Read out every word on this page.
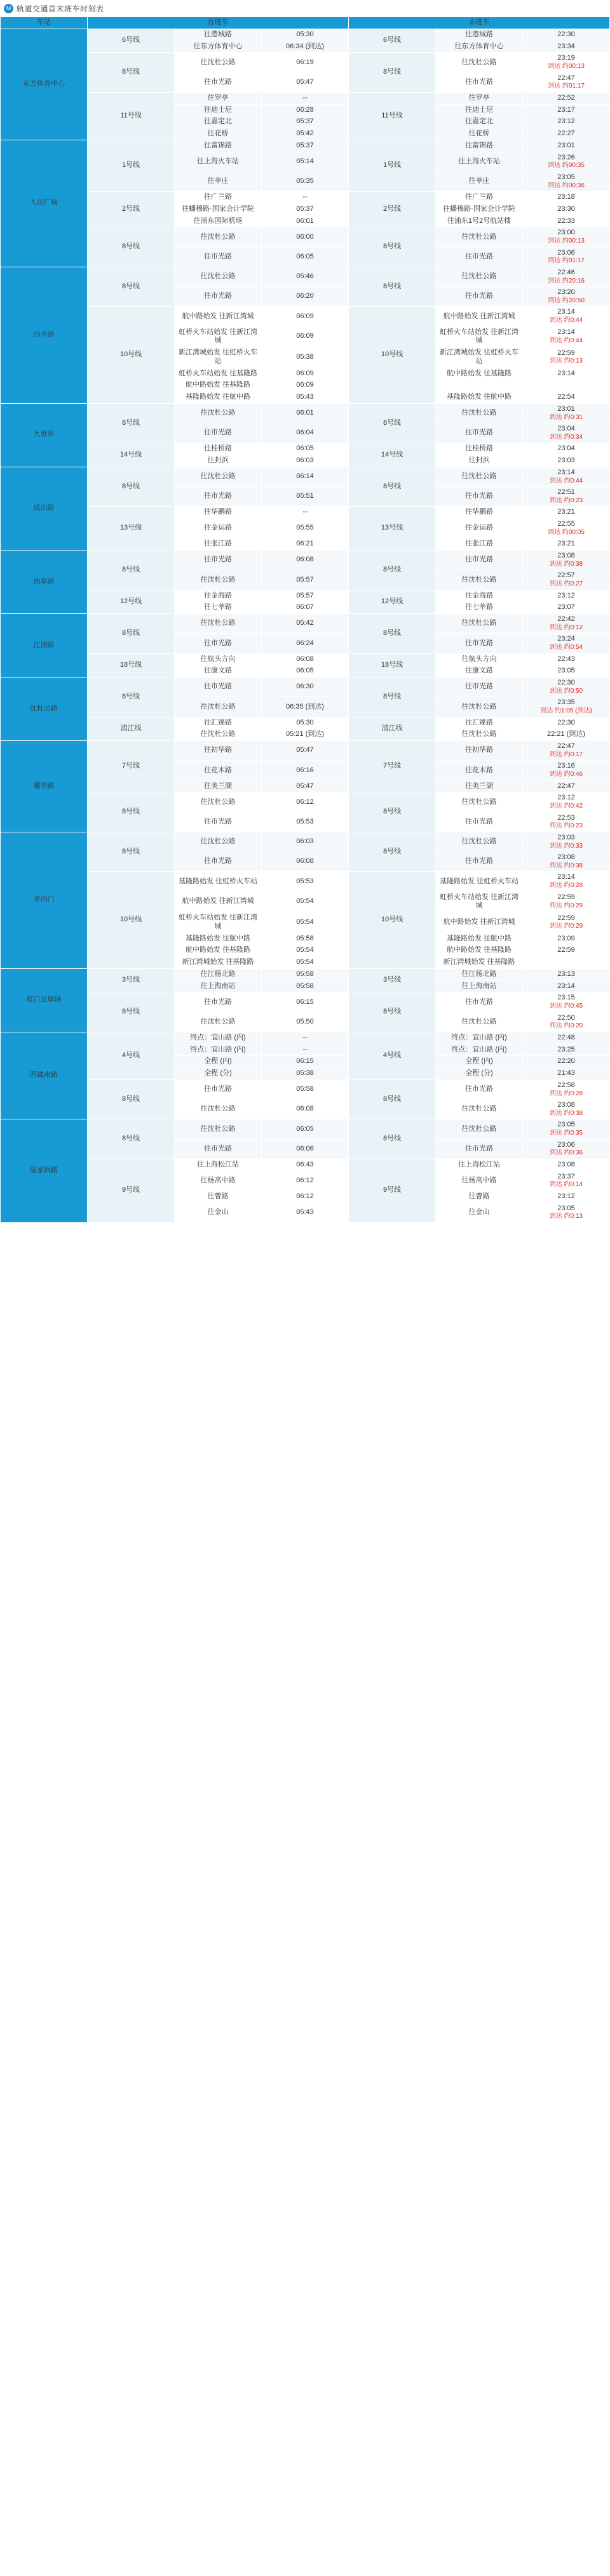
M 轨道交通首末班车时刻表
车站	首班车			末班车		
东方体育中心	6号线	往港城路	05:30	6号线	往港城路	22:30

		往东方体育中心	06:34 (到达)		往东方体育中心	23:34

	8号线	往沈杜公路	06:19	8号线	往沈杜公路	23:19
到达 约00:13

		往市光路	05:47		往市光路	22:47
到达 约01:17

	11号线	往罗亭	--	11号线	往罗亭	22:52

		往迪士尼	06:28		往迪士尼	23:17

		往嘉定北	05:37		往嘉定北	23:12

		往花桥	05:42		往花桥	22:27

人民广场	1号线	往富锦路	05:37	1号线	往富锦路	23:01

		往上海火车站	05:14		往上海火车站	23:26
到达 约00:35

		往莘庄	05:35		往莘庄	23:05
到达 约00:36

	2号线	往广兰路	--	2号线	往广兰路	23:18

		往蟠穆路·国家会计学院	05:37		往蟠穆路·国家会计学院	23:30

		往浦东国际机场	06:01		往浦东1号2号航站楼	22:33

	8号线	往沈杜公路	06:00	8号线	往沈杜公路	23:00
到达 约00:13

		往市光路	06:05		往市光路	23:06
到达 约01:17

四平路	8号线	往沈杜公路	05:46	8号线	往沈杜公路	22:46
到达 约20:16

		往市光路	06:20		往市光路	23:20
到达 约20:50

	10号线	航中路始发 往新江湾城	06:09	10号线	航中路始发 往新江湾城	23:14
到达 约0:44

		虹桥火车站始发 往新江湾城	06:09		虹桥火车站始发 往新江湾城	23:14
到达 约0:44

		新江湾城始发 往虹桥火车站	05:38		新江湾城始发 往虹桥火车站	22:59
到达 约0:13

		虹桥火车站始发 往基隆路	06:09		航中路始发 往基隆路	23:14

		航中路始发 往基隆路	06:09			

		基隆路始发 往航中路	05:43		基隆路始发 往航中路	22:54

大世界	8号线	往沈杜公路	06:01	8号线	往沈杜公路	23:01
到达 约0:31

		往市光路	06:04		往市光路	23:04
到达 约0:34

	14号线	往桂桥路	06:05	14号线	往桂桥路	23:04

		往封浜	06:03		往封浜	23:03

成山路	8号线	往沈杜公路	06:14	8号线	往沈杜公路	23:14
到达 约0:44

		往市光路	05:51		往市光路	22:51
到达 约0:23

	13号线	往华鹏路	--	13号线	往华鹏路	23:21

		往金运路	05:55		往金运路	22:55
到达 约00:05

		往张江路	06:21		往张江路	23:21

曲阜路	8号线	往市光路	06:08	8号线	往市光路	23:08
到达 约0:38

		往沈杜公路	05:57		往沈杜公路	22:57
到达 约0:27

	12号线	往金海路	05:57	12号线	往金海路	23:12

		往七莘路	06:07		往七莘路	23:07

江浦路	8号线	往沈杜公路	05:42	8号线	往沈杜公路	22:42
到达 约0:12

		往市光路	06:24		往市光路	23:24
到达 约0:54

	18号线	往航头方向	06:08	18号线	往航头方向	22:43

		往康文路	06:05		往康文路	23:05

沈杜公路	8号线	往市光路	06:30	8号线	往市光路	22:30
到达 约0:50

		往沈杜公路	06:35 (到达)		往沈杜公路	23:35
到达 约1:05 (到达)

	浦江线	往汇臻路	05:30	浦江线	往汇臻路	22:30

		往沈杜公路	05:21 (到达)		往沈杜公路	22:21 (到达)

耀华路	7号线	往初华路	05:47	7号线	往初华路	22:47
到达 约0:17

		往花木路	06:16		往花木路	23:16
到达 约0:46

		往美兰湖	05:47		往美兰湖	22:47

	8号线	往沈杜公路	06:12	8号线	往沈杜公路	23:12
到达 约0:42

		往市光路	05:53		往市光路	22:53
到达 约0:23

老西门	8号线	往沈杜公路	06:03	8号线	往沈杜公路	23:03
到达 约0:33

		往市光路	06:08		往市光路	23:08
到达 约0:38

	10号线	基隆路始发 往虹桥火车站	05:53	10号线	基隆路始发 往虹桥火车站	23:14
到达 约0:28

		航中路始发 往新江湾城	05:54		虹桥火车站始发 往新江湾城	22:59
到达 约0:29

		虹桥火车站始发 往新江湾城	05:54		航中路始发 往新江湾城	22:59
到达 约0:29

		基隆路始发 往航中路	05:58		基隆路始发 往航中路	23:09

		航中路始发 往基隆路	05:54		航中路始发 往基隆路	22:59

		新江湾城始发 往基隆路	05:54		新江湾城始发 往基隆路	

虹口足球场	3号线	往江杨北路	05:58	3号线	往江杨北路	23:13

		往上海南站	05:58		往上海南站	23:14

	8号线	往市光路	06:15	8号线	往市光路	23:15
到达 约0:45

		往沈杜公路	05:50		往沈杜公路	22:50
到达 约0:20

西藏南路	4号线	终点：宜山路 (内)	--	4号线	终点：宜山路 (内)	22:48

		终点：宜山路 (内)	--		终点：宜山路 (内)	23:25

		全程 (内)	06:15		全程 (内)	22:20

		全程 (分)	05:38		全程 (分)	21:43

	8号线	往市光路	05:58	8号线	往市光路	22:58
到达 约0:28

		往沈杜公路	06:08		往沈杜公路	23:08
到达 约0:38

陆家浜路	8号线	往沈杜公路	06:05	8号线	往沈杜公路	23:05
到达 约0:35

		往市光路	06:06		往市光路	23:06
到达 约0:36

	9号线	往上海松江站	06:43	9号线	往上海松江站	23:08

		往杨高中路	06:12		往杨高中路	23:37
到达 约0:14

		往曹路	06:12		往曹路	23:12

		往金山	05:43		往金山	23:05
到达 约0:13
